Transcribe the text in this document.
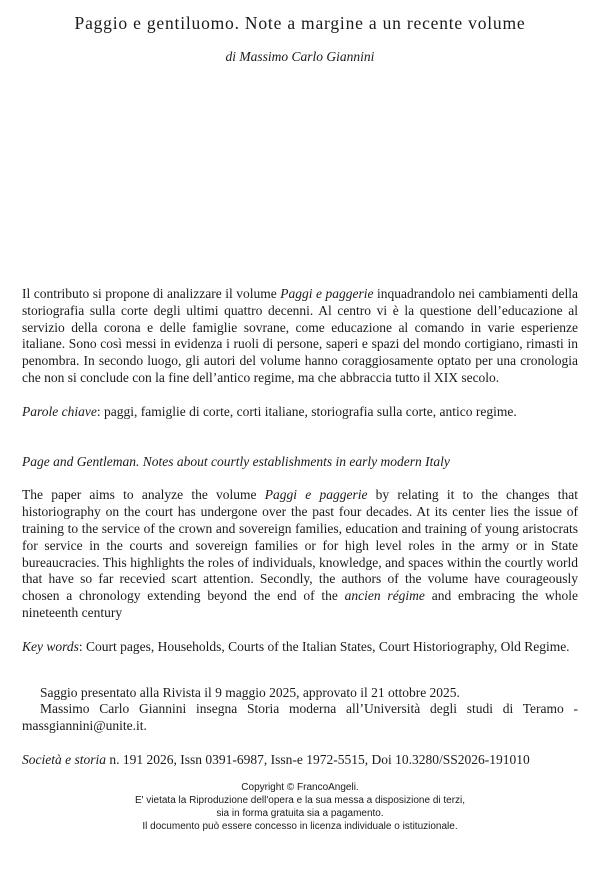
Paggio e gentiluomo. Note a margine a un recente volume
di Massimo Carlo Giannini

Il contributo si propone di analizzare il volume Paggi e paggerie inquadrandolo nei cambiamenti della storiografia sulla corte degli ultimi quattro decenni. Al centro vi è la questione dell’educazione al servizio della corona e delle famiglie sovrane, come educazione al comando in varie esperienze italiane. Sono così messi in evidenza i ruoli di persone, saperi e spazi del mondo cortigiano, rimasti in penombra. In secondo luogo, gli autori del volume hanno coraggiosamente optato per una cronologia che non si conclude con la fine dell’antico regime, ma che abbraccia tutto il XIX secolo.

Parole chiave: paggi, famiglie di corte, corti italiane, storiografia sulla corte, antico regime.

Page and Gentleman. Notes about courtly establishments in early modern Italy

The paper aims to analyze the volume Paggi e paggerie by relating it to the changes that historiography on the court has undergone over the past four decades. At its center lies the issue of training to the service of the crown and sovereign families, education and training of young aristocrats for service in the courts and sovereign families or for high level roles in the army or in State bureaucracies. This highlights the roles of individuals, knowledge, and spaces within the courtly world that have so far recevied scart attention. Secondly, the authors of the volume have courageously chosen a chronology extending beyond the end of the ancien régime and embracing the whole nineteenth century

Key words: Court pages, Households, Courts of the Italian States, Court Historiography, Old Regime.

Saggio presentato alla Rivista il 9 maggio 2025, approvato il 21 ottobre 2025.

Massimo Carlo Giannini insegna Storia moderna all’Università degli studi di Teramo - massgiannini@unite.it.

Società e storia n. 191 2026, Issn 0391-6987, Issn-e 1972-5515, Doi 10.3280/SS2026-191010

Copyright © FrancoAngeli.
E' vietata la Riproduzione dell'opera e la sua messa a disposizione di terzi,
sia in forma gratuita sia a pagamento.
Il documento può essere concesso in licenza individuale o istituzionale.
